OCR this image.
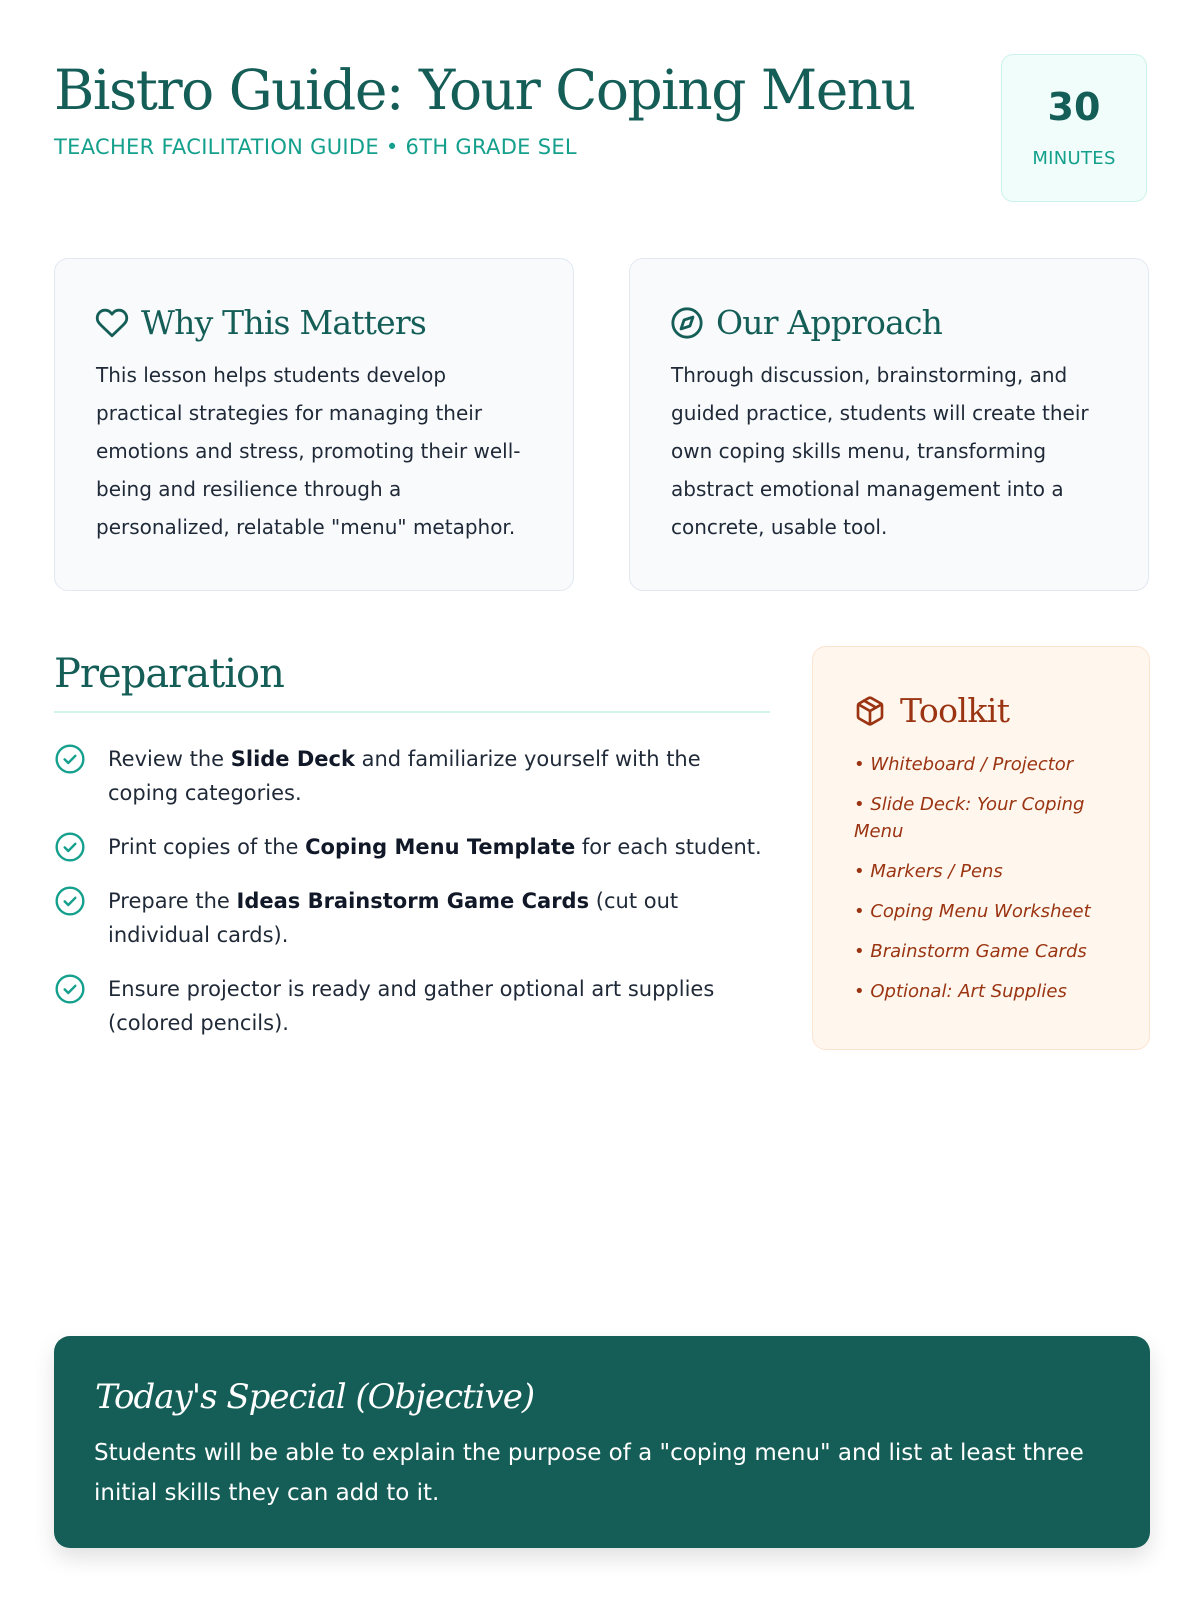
Bistro Guide: Your Coping Menu
TEACHER FACILITATION GUIDE • 6TH GRADE SEL
30
MINUTES
Why This Matters

This lesson helps students develop practical strategies for managing their emotions and stress, promoting their well-being and resilience through a personalized, relatable "menu" metaphor.

Our Approach

Through discussion, brainstorming, and guided practice, students will create their own coping skills menu, transforming abstract emotional management into a concrete, usable tool.

Preparation
Review the Slide Deck and familiarize yourself with the coping categories.
Print copies of the Coping Menu Template for each student.
Prepare the Ideas Brainstorm Game Cards (cut out individual cards).
Ensure projector is ready and gather optional art supplies (colored pencils).
Toolkit
• Whiteboard / Projector
• Slide Deck: Your Coping Menu
• Markers / Pens
• Coping Menu Worksheet
• Brainstorm Game Cards
• Optional: Art Supplies
Today's Special (Objective)

Students will be able to explain the purpose of a "coping menu" and list at least three initial skills they can add to it.
